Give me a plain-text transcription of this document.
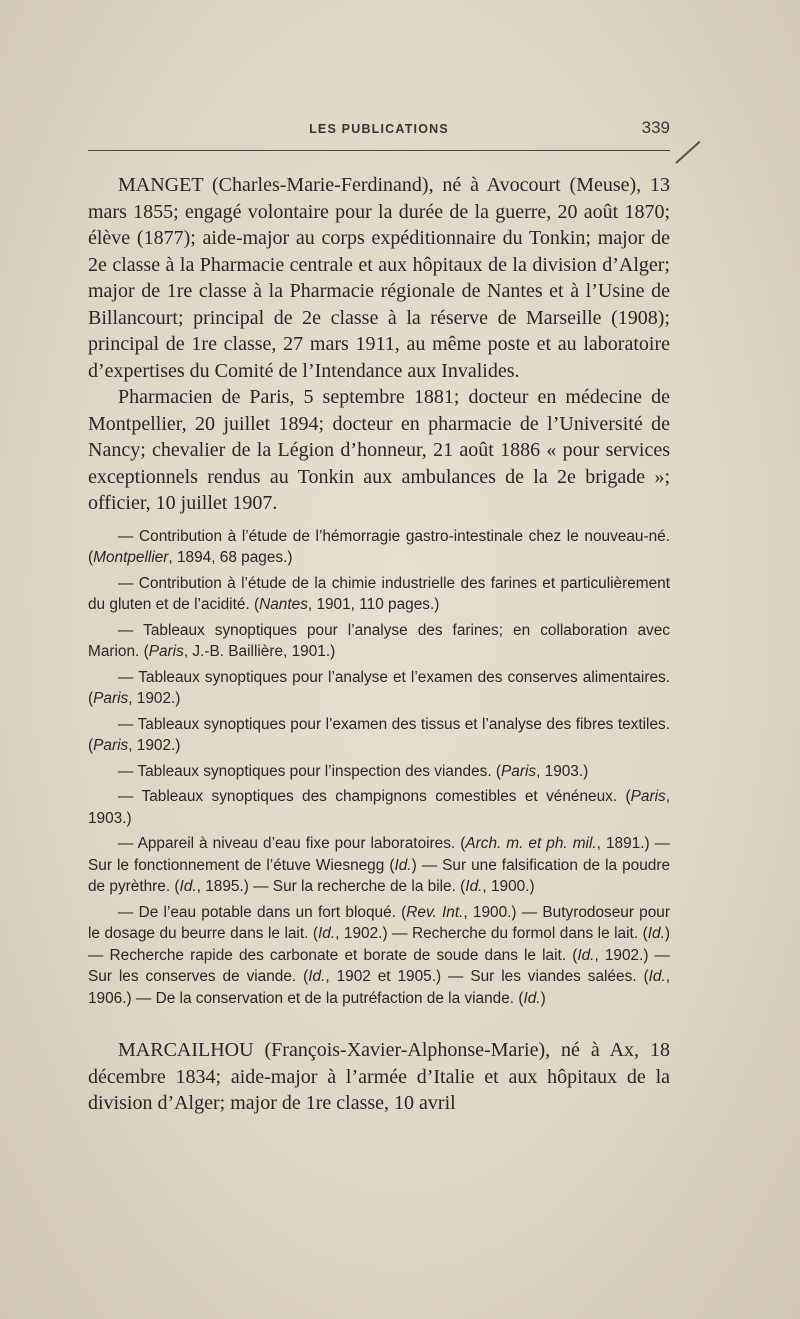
LES PUBLICATIONS	339

MANGET (Charles-Marie-Ferdinand), né à Avocourt (Meuse), 13 mars 1855; engagé volontaire pour la durée de la guerre, 20 août 1870; élève (1877); aide-major au corps expéditionnaire du Tonkin; major de 2e classe à la Pharmacie centrale et aux hôpitaux de la division d’Alger; major de 1re classe à la Pharmacie régionale de Nantes et à l’Usine de Billancourt; principal de 2e classe à la réserve de Marseille (1908); principal de 1re classe, 27 mars 1911, au même poste et au laboratoire d’expertises du Comité de l’Intendance aux Invalides.

Pharmacien de Paris, 5 septembre 1881; docteur en médecine de Montpellier, 20 juillet 1894; docteur en pharmacie de l’Université de Nancy; chevalier de la Légion d’honneur, 21 août 1886 « pour services exceptionnels rendus au Tonkin aux ambulances de la 2e brigade »; officier, 10 juillet 1907.

— Contribution à l’étude de l’hémorragie gastro-intestinale chez le nouveau-né. (Montpellier, 1894, 68 pages.)

— Contribution à l’étude de la chimie industrielle des farines et particulièrement du gluten et de l’acidité. (Nantes, 1901, 110 pages.)

— Tableaux synoptiques pour l’analyse des farines; en collaboration avec Marion. (Paris, J.-B. Baillière, 1901.)

— Tableaux synoptiques pour l’analyse et l’examen des conserves alimentaires. (Paris, 1902.)

— Tableaux synoptiques pour l’examen des tissus et l’analyse des fibres textiles. (Paris, 1902.)

— Tableaux synoptiques pour l’inspection des viandes. (Paris, 1903.)

— Tableaux synoptiques des champignons comestibles et vénéneux. (Paris, 1903.)

— Appareil à niveau d’eau fixe pour laboratoires. (Arch. m. et ph. mil., 1891.) — Sur le fonctionnement de l’étuve Wiesnegg (Id.) — Sur une falsification de la poudre de pyrèthre. (Id., 1895.) — Sur la recherche de la bile. (Id., 1900.)

— De l’eau potable dans un fort bloqué. (Rev. Int., 1900.) — Butyrodoseur pour le dosage du beurre dans le lait. (Id., 1902.) — Recherche du formol dans le lait. (Id.) — Recherche rapide des carbonate et borate de soude dans le lait. (Id., 1902.) — Sur les conserves de viande. (Id., 1902 et 1905.) — Sur les viandes salées. (Id., 1906.) — De la conservation et de la putréfaction de la viande. (Id.)

MARCAILHOU (François-Xavier-Alphonse-Marie), né à Ax, 18 décembre 1834; aide-major à l’armée d’Italie et aux hôpitaux de la division d’Alger; major de 1re classe, 10 avril
